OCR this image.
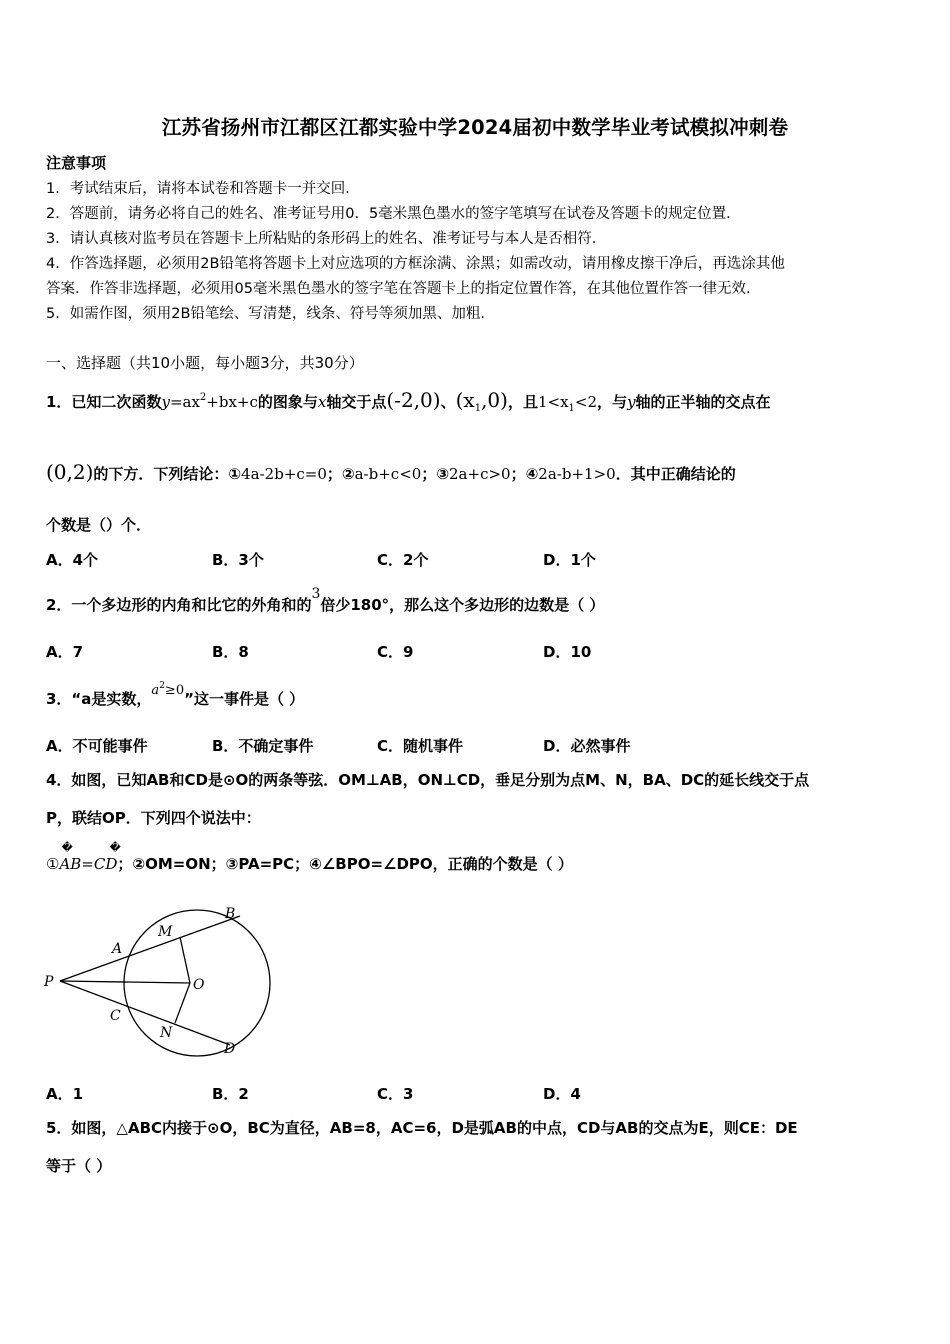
江苏省扬州市江都区江都实验中学2024届初中数学毕业考试模拟冲刺卷
注意事项
1．考试结束后，请将本试卷和答题卡一并交回．
2．答题前，请务必将自己的姓名、准考证号用0．5毫米黑色墨水的签字笔填写在试卷及答题卡的规定位置．
3．请认真核对监考员在答题卡上所粘贴的条形码上的姓名、准考证号与本人是否相符．
4．作答选择题，必须用2B铅笔将答题卡上对应选项的方框涂满、涂黑；如需改动，请用橡皮擦干净后，再选涂其他
答案．作答非选择题，必须用05毫米黑色墨水的签字笔在答题卡上的指定位置作答，在其他位置作答一律无效．
5．如需作图，须用2B铅笔绘、写清楚，线条、符号等须加黑、加粗．
一、选择题（共10小题，每小题3分，共30分）
1．已知二次函数$y=ax^2+bx+c$的图象与x轴交于点(-2,0)、$(x_1,0)$，且$1<x_1<2$，与y轴的正半轴的交点在
(0,2)的下方．下列结论：①4a-2b+c=0；②a-b+c<0；③2a+c>0；④2a-b+1>0．其中正确结论的
个数是（）个．
A．4个	B．3个	C．2个	D．1个
2．一个多边形的内角和比它的外角和的3倍少180°，那么这个多边形的边数是（ ）
A．7	B．8	C．9	D．10
3．“a是实数，$a^2\ge 0$”这一事件是（ ）
A．不可能事件	B．不确定事件	C．随机事件	D．必然事件
4．如图，已知AB和CD是⊙O的两条等弦．OM⊥AB，ON⊥CD，垂足分别为点M、N，BA、DC的延长线交于点
P，联结OP．下列四个说法中：
①
�	�
AB=CD；②OM=ON；③PA=PC；④∠BPO=∠DPO，正确的个数是（ ）
P
A
M
B
O
C
N
D
A．1	B．2	C．3	D．4
5．如图，△ABC内接于⊙O，BC为直径，AB=8，AC=6，D是弧AB的中点，CD与AB的交点为E，则CE：DE
等于（ ）
